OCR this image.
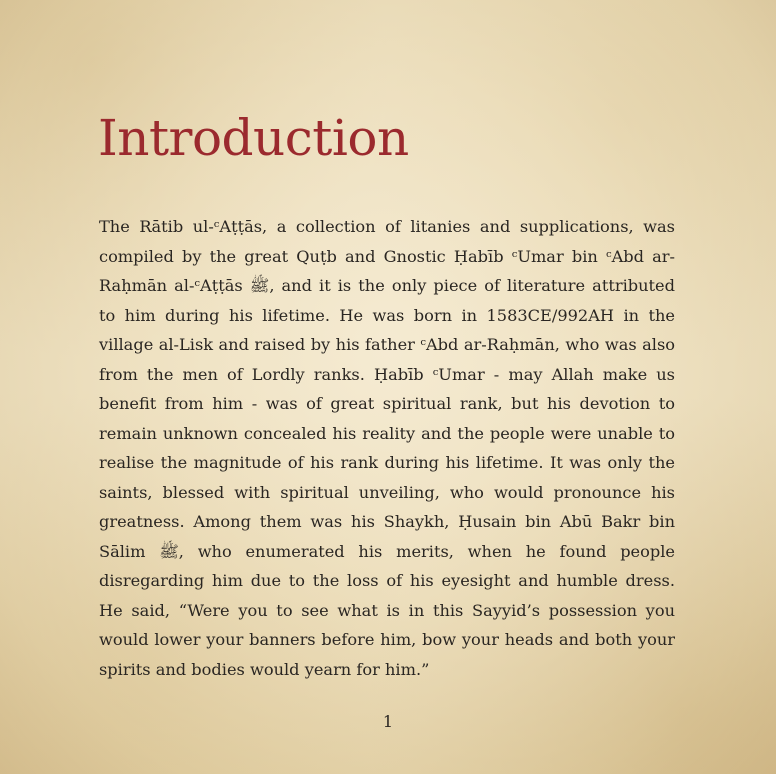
Introduction

The Rātib ul-ᶜAṭṭās, a collection of litanies and supplications, was compiled by the great Quṭb and Gnostic Ḥabīb ᶜUmar bin ᶜAbd ar-Raḥmān al-ᶜAṭṭās ﷺ, and it is the only piece of literature attributed to him during his lifetime. He was born in 1583CE/992AH in the village al-Lisk and raised by his father ᶜAbd ar-Raḥmān, who was also from the men of Lordly ranks. Ḥabīb ᶜUmar - may Allah make us benefit from him - was of great spiritual rank, but his devotion to remain unknown concealed his reality and the people were unable to realise the magnitude of his rank during his lifetime. It was only the saints, blessed with spiritual unveiling, who would pronounce his greatness. Among them was his Shaykh, Ḥusain bin Abū Bakr bin Sālim ﷺ, who enumerated his merits, when he found people disregarding him due to the loss of his eyesight and humble dress. He said, “Were you to see what is in this Sayyid’s possession you would lower your banners before him, bow your heads and both your spirits and bodies would yearn for him.”

1
